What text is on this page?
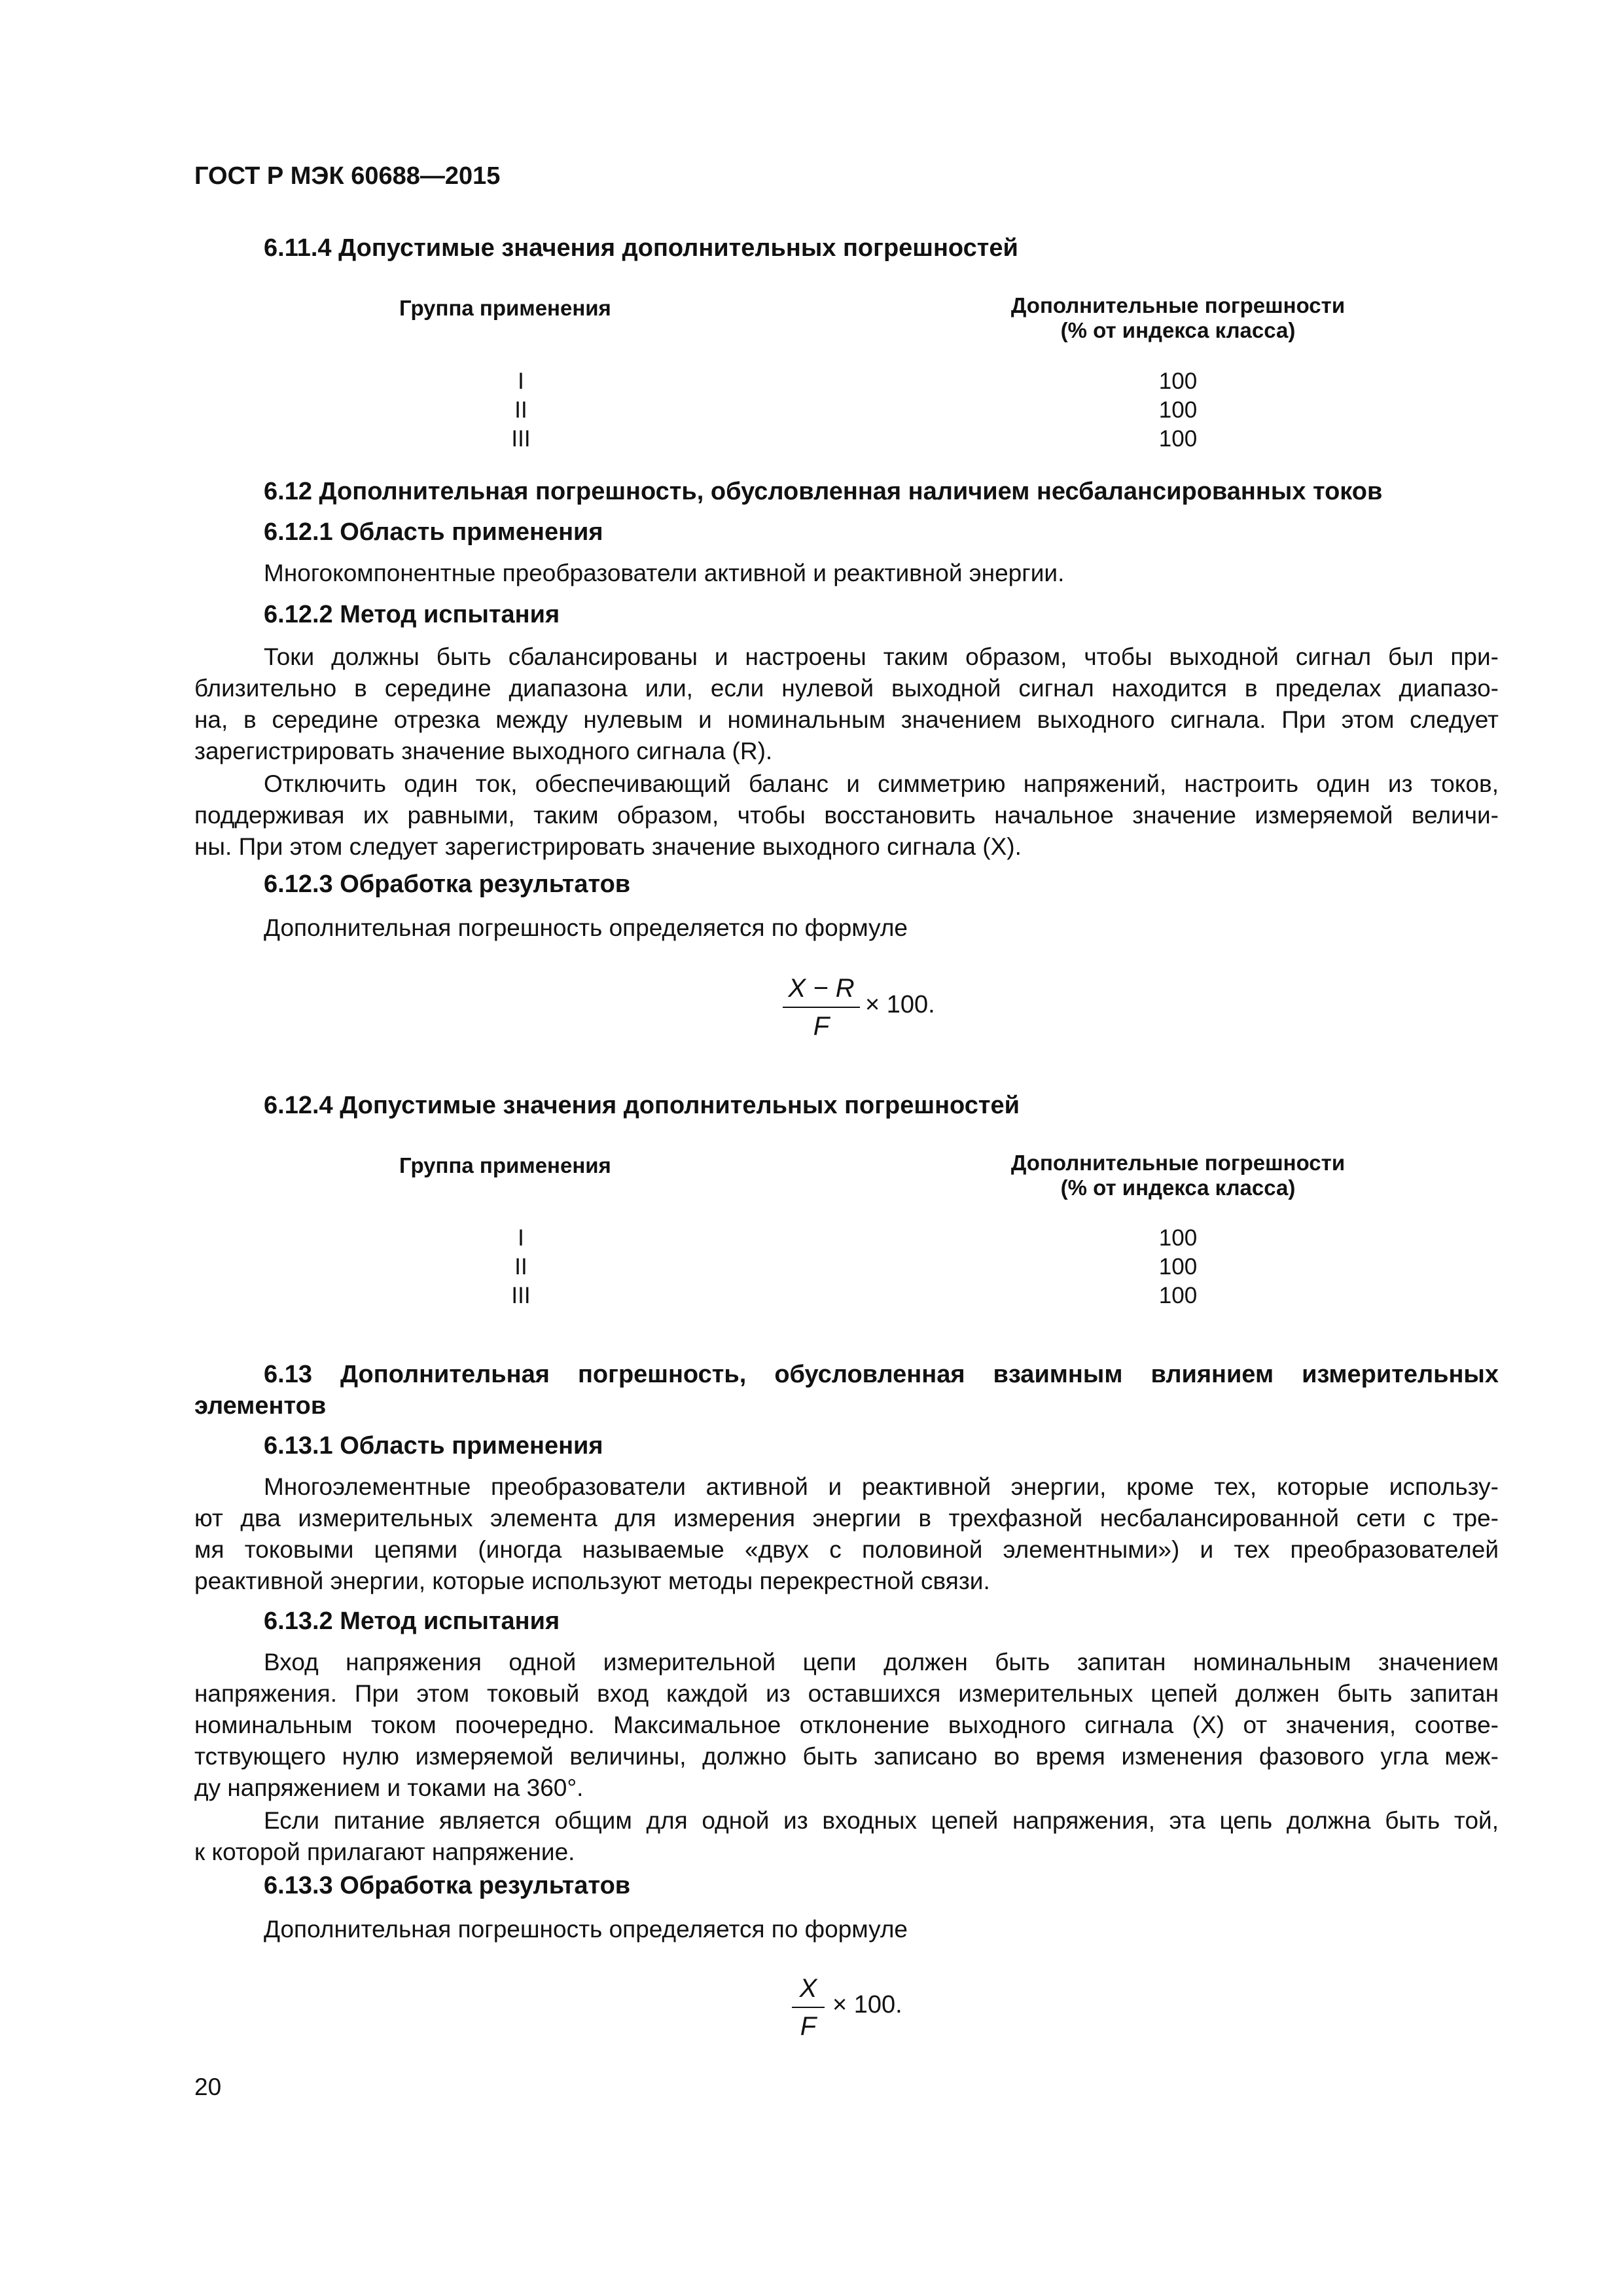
ГОСТ Р МЭК 60688—2015
6.11.4 Допустимые значения дополнительных погрешностей
Группа применения	Дополнительные погрешности
(% от индекса класса)
I	100
II	100
III	100
6.12 Дополнительная погрешность, обусловленная наличием несбалансированных токов
6.12.1 Область применения
Многокомпонентные преобразователи активной и реактивной энергии.
6.12.2 Метод испытания
Токи должны быть сбалансированы и настроены таким образом, чтобы выходной сигнал был при-
близительно в середине диапазона или, если нулевой выходной сигнал находится в пределах диапазо-
на, в середине отрезка между нулевым и номинальным значением выходного сигнала. При этом следует
зарегистрировать значение выходного сигнала (R).
Отключить один ток, обеспечивающий баланс и симметрию напряжений, настроить один из токов,
поддерживая их равными, таким образом, чтобы восстановить начальное значение измеряемой величи-
ны. При этом следует зарегистрировать значение выходного сигнала (X).
6.12.3 Обработка результатов
Дополнительная погрешность определяется по формуле
X − R
F
× 100.
6.12.4 Допустимые значения дополнительных погрешностей
Группа применения	Дополнительные погрешности
(% от индекса класса)
I	100
II	100
III	100
6.13 Дополнительная погрешность, обусловленная взаимным влиянием измерительных
элементов
6.13.1 Область применения
Многоэлементные преобразователи активной и реактивной энергии, кроме тех, которые использу-
ют два измерительных элемента для измерения энергии в трехфазной несбалансированной сети с тре-
мя токовыми цепями (иногда называемые «двух с половиной элементными») и тех преобразователей
реактивной энергии, которые используют методы перекрестной связи.
6.13.2 Метод испытания
Вход напряжения одной измерительной цепи должен быть запитан номинальным значением
напряжения. При этом токовый вход каждой из оставшихся измерительных цепей должен быть запитан
номинальным током поочередно. Максимальное отклонение выходного сигнала (X) от значения, соотве-
тствующего нулю измеряемой величины, должно быть записано во время изменения фазового угла меж-
ду напряжением и токами на 360°.
Если питание является общим для одной из входных цепей напряжения, эта цепь должна быть той,
к которой прилагают напряжение.
6.13.3 Обработка результатов
Дополнительная погрешность определяется по формуле
X
F
× 100.
20
